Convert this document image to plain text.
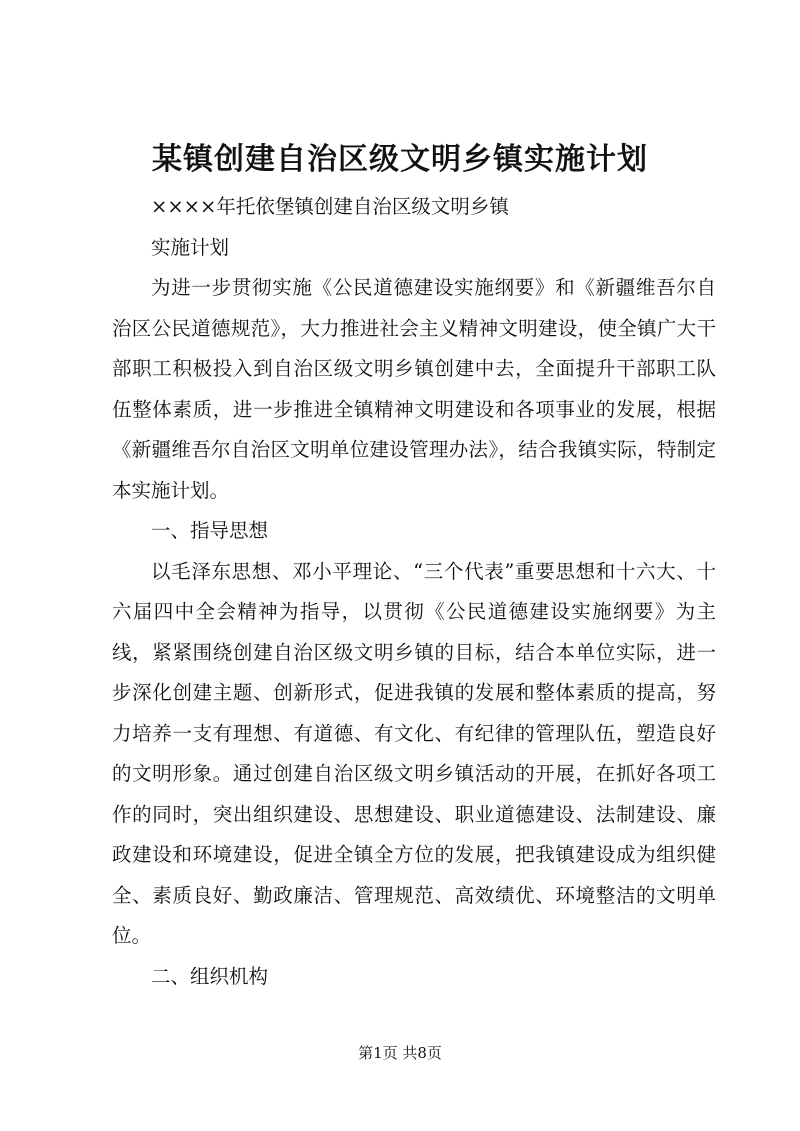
某镇创建自治区级文明乡镇实施计划

××××年托依堡镇创建自治区级文明乡镇

实施计划

为进一步贯彻实施《公民道德建设实施纲要》和《新疆维吾尔自治区公民道德规范》，大力推进社会主义精神文明建设，使全镇广大干部职工积极投入到自治区级文明乡镇创建中去，全面提升干部职工队伍整体素质，进一步推进全镇精神文明建设和各项事业的发展，根据《新疆维吾尔自治区文明单位建设管理办法》，结合我镇实际，特制定本实施计划。

一、指导思想

以毛泽东思想、邓小平理论、“三个代表”重要思想和十六大、十六届四中全会精神为指导，以贯彻《公民道德建设实施纲要》为主线，紧紧围绕创建自治区级文明乡镇的目标，结合本单位实际，进一步深化创建主题、创新形式，促进我镇的发展和整体素质的提高，努力培养一支有理想、有道德、有文化、有纪律的管理队伍，塑造良好的文明形象。通过创建自治区级文明乡镇活动的开展，在抓好各项工作的同时，突出组织建设、思想建设、职业道德建设、法制建设、廉政建设和环境建设，促进全镇全方位的发展，把我镇建设成为组织健全、素质良好、勤政廉洁、管理规范、高效绩优、环境整洁的文明单位。

二、组织机构

第1页 共8页
